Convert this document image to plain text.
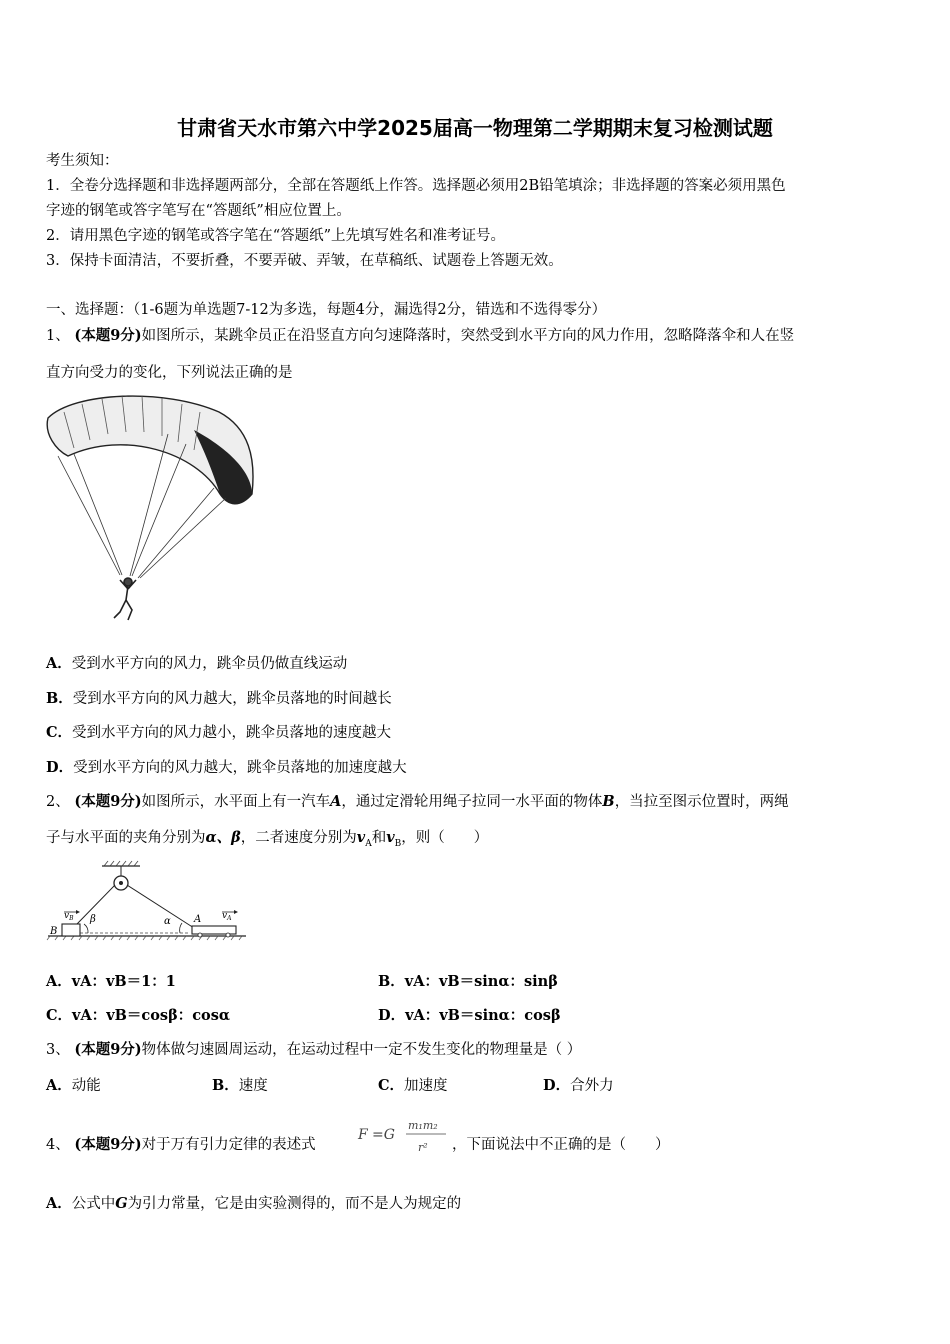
甘肃省天水市第六中学2025届高一物理第二学期期末复习检测试题
考生须知：
1．全卷分选择题和非选择题两部分，全部在答题纸上作答。选择题必须用2B铅笔填涂；非选择题的答案必须用黑色
字迹的钢笔或答字笔写在“答题纸”相应位置上。
2．请用黑色字迹的钢笔或答字笔在“答题纸”上先填写姓名和准考证号。
3．保持卡面清洁，不要折叠，不要弄破、弄皱，在草稿纸、试题卷上答题无效。
一、选择题：（1-6题为单选题7-12为多选，每题4分，漏选得2分，错选和不选得零分）
1、 (本题9分)如图所示，某跳伞员正在沿竖直方向匀速降落时，突然受到水平方向的风力作用，忽略降落伞和人在竖
直方向受力的变化，下列说法正确的是
A．受到水平方向的风力，跳伞员仍做直线运动
B．受到水平方向的风力越大，跳伞员落地的时间越长
C．受到水平方向的风力越小，跳伞员落地的速度越大
D．受到水平方向的风力越大，跳伞员落地的加速度越大
2、 (本题9分)如图所示，水平面上有一汽车A，通过定滑轮用绳子拉同一水平面的物体B，当拉至图示位置时，两绳
子与水平面的夹角分别为α、β，二者速度分别为$v_A$和$v_B$，则（　　）
$v_B$ β	α A $v_A$
B
A．vA：vB＝1：1	B．vA：vB＝sinα：sinβ
C．vA：vB＝cosβ：cosα	D．vA：vB＝sinα：cosβ
3、 (本题9分)物体做匀速圆周运动，在运动过程中一定不发生变化的物理量是（ ）
A．动能	B．速度	C．加速度	D．合外力
4、 (本题9分)对于万有引力定律的表述式
F =G
m₁m₂
r² ，下面说法中不正确的是（　　）
A．公式中G为引力常量，它是由实验测得的，而不是人为规定的
